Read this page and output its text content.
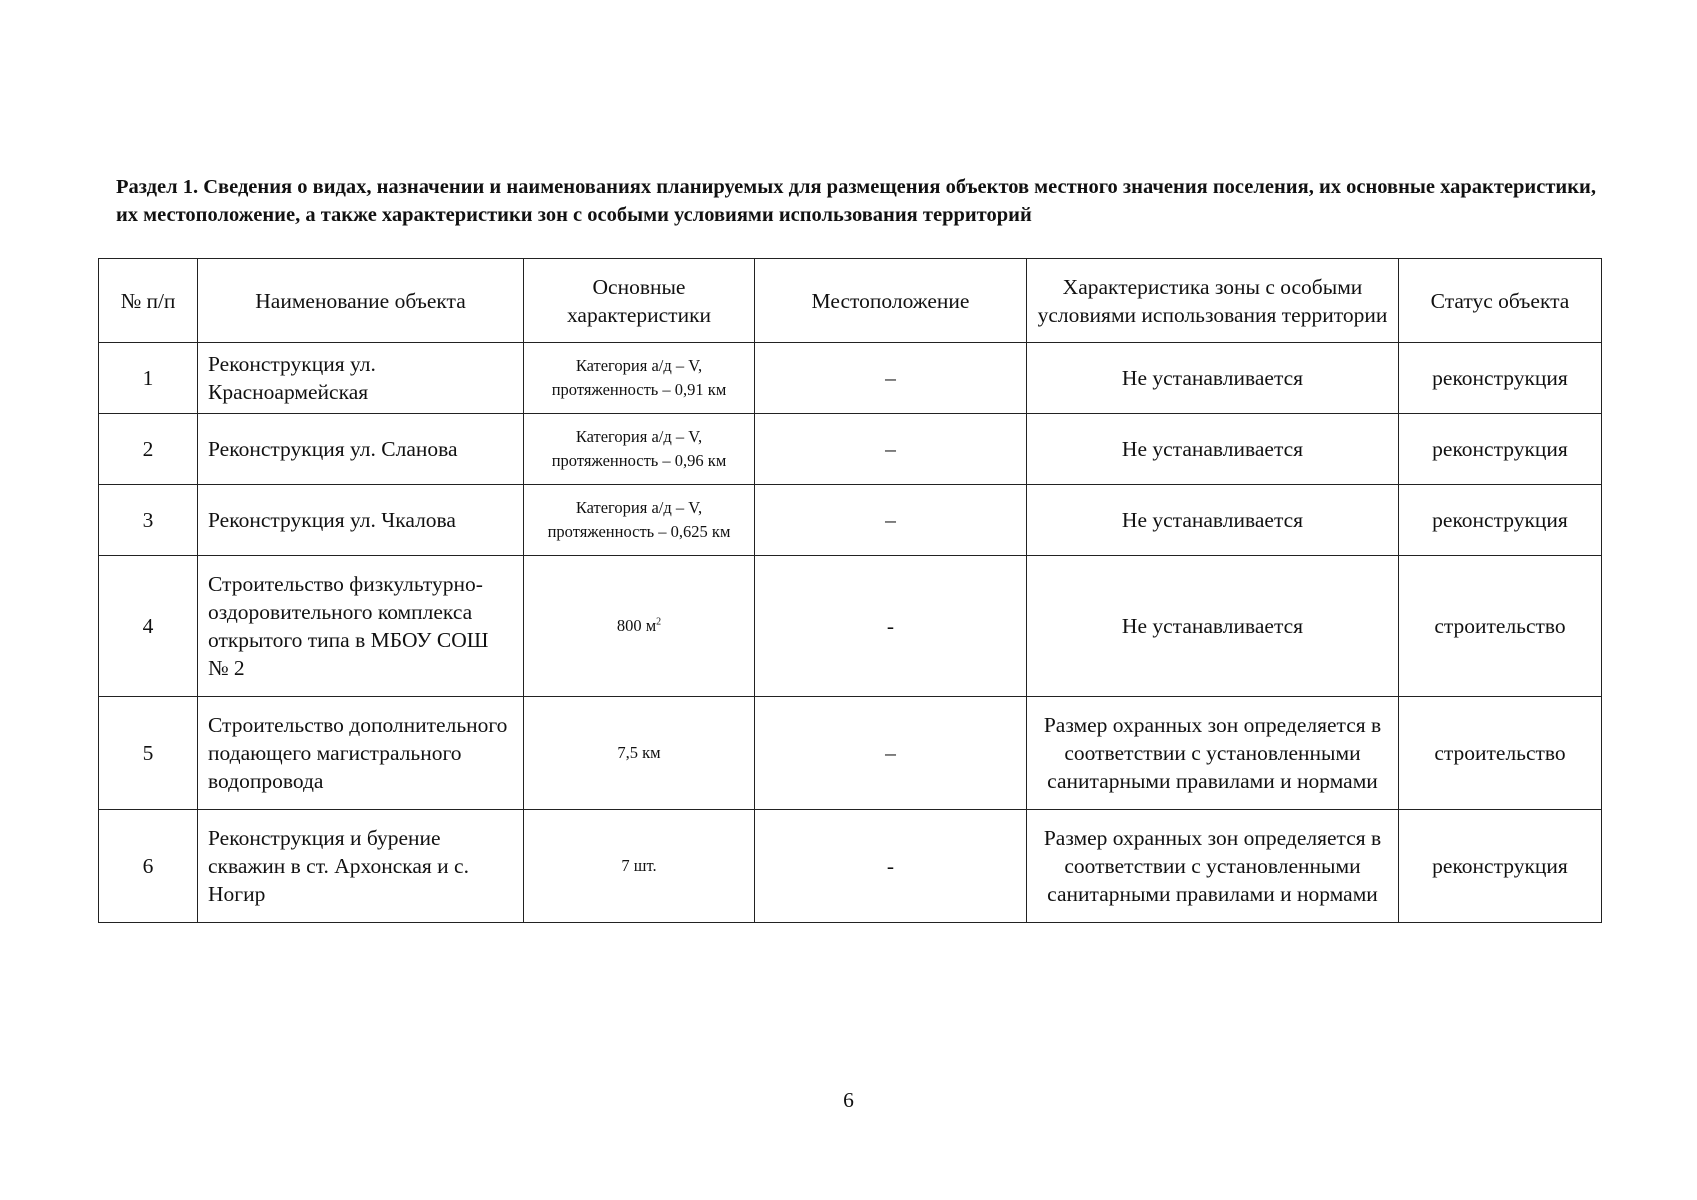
Раздел 1. Сведения о видах, назначении и наименованиях планируемых для размещения объектов местного значения поселения, их основные характеристики, их местоположение, а также характеристики зон с особыми условиями использования территорий

№ п/п	Наименование объекта	Основные характеристики	Местоположение	Характеристика зоны с особыми условиями использования территории	Статус объекта
1	Реконструкция ул. Красноармейская	Категория а/д – V, протяженность – 0,91 км	–	Не устанавливается	реконструкция
2	Реконструкция ул. Сланова	Категория а/д – V, протяженность – 0,96 км	–	Не устанавливается	реконструкция
3	Реконструкция ул. Чкалова	Категория а/д – V, протяженность – 0,625 км	–	Не устанавливается	реконструкция
4	Строительство физкультурно-оздоровительного комплекса открытого типа в МБОУ СОШ № 2	800 $м^2$	-	Не устанавливается	строительство
5	Строительство дополнительного подающего магистрального водопровода	7,5 км	–	Размер охранных зон определяется в соответствии с установленными санитарными правилами и нормами	строительство
6	Реконструкция и бурение скважин в ст. Архонская и с. Ногир	7 шт.	-	Размер охранных зон определяется в соответствии с установленными санитарными правилами и нормами	реконструкция

6
